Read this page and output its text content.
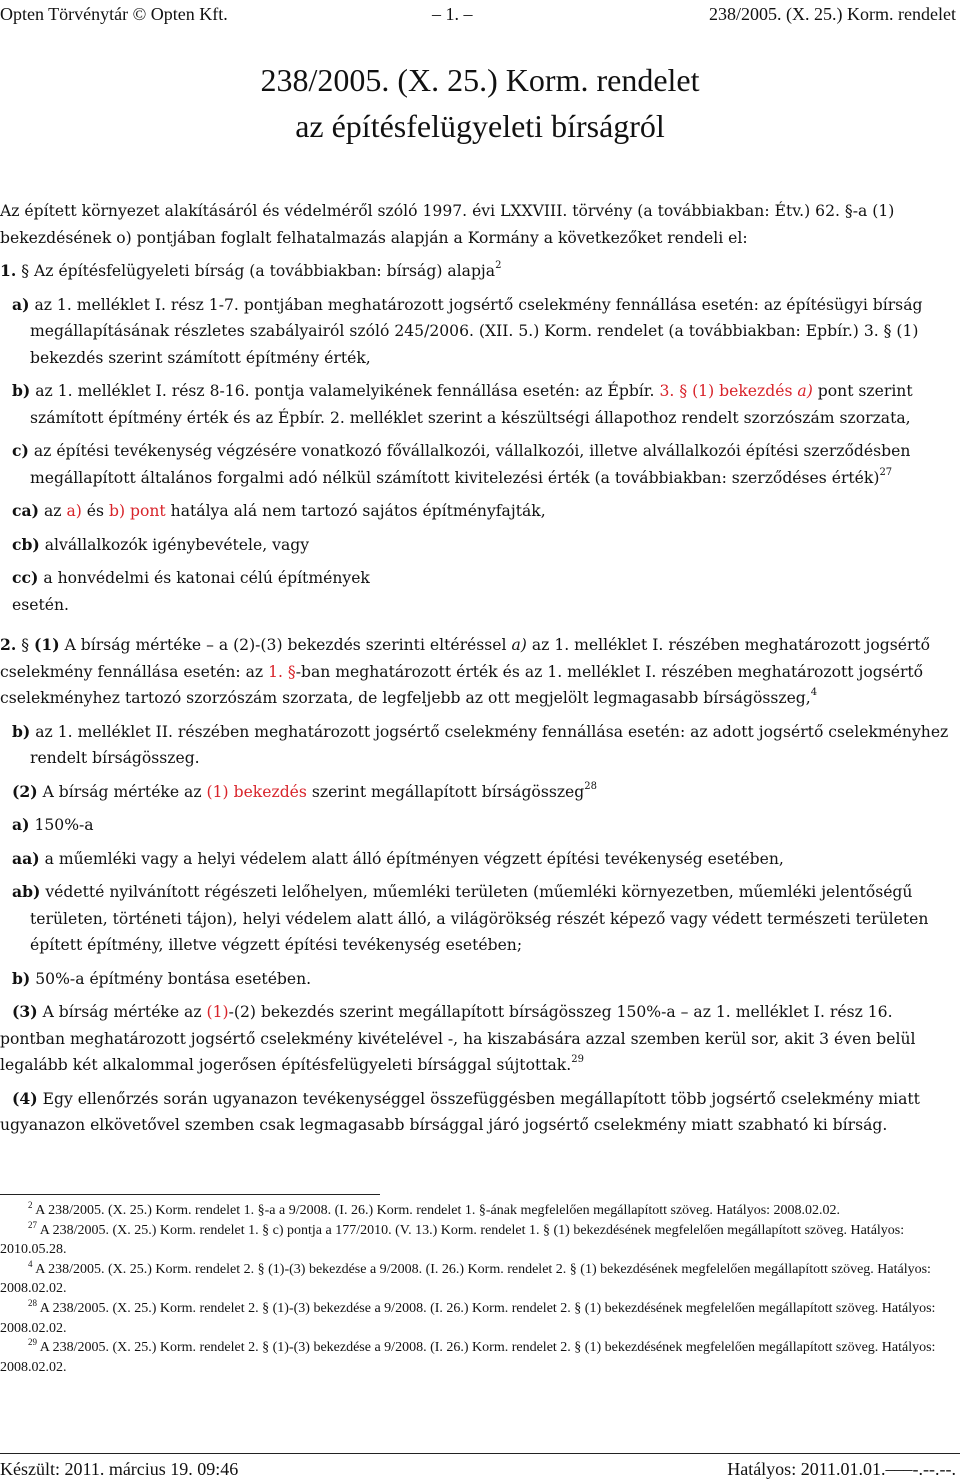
Opten Törvénytár © Opten Kft.	– 1. –	238/2005. (X. 25.) Korm. rendelet
238/2005. (X. 25.) Korm. rendelet
az építésfelügyeleti bírságról

Az épített környezet alakításáról és védelméről szóló 1997. évi LXXVIII. törvény (a továbbiakban: Étv.) 62. §-a (1) bekezdésének o) pontjában foglalt felhatalmazás alapján a Kormány a következőket rendeli el:

1. § Az építésfelügyeleti bírság (a továbbiakban: bírság) alapja$^2$

a) az 1. melléklet I. rész 1-7. pontjában meghatározott jogsértő cselekmény fennállása esetén: az építésügyi bírság megállapításának részletes szabályairól szóló 245/2006. (XII. 5.) Korm. rendelet (a továbbiakban: Epbír.) 3. § (1) bekezdés szerint számított építmény érték,

b) az 1. melléklet I. rész 8-16. pontja valamelyikének fennállása esetén: az Épbír. 3. § (1) bekezdés a) pont szerint számított építmény érték és az Épbír. 2. melléklet szerint a készültségi állapothoz rendelt szorzószám szorzata,

c) az építési tevékenység végzésére vonatkozó fővállalkozói, vállalkozói, illetve alvállalkozói építési szerződésben megállapított általános forgalmi adó nélkül számított kivitelezési érték (a továbbiakban: szerződéses érték)$^{27}$

ca) az a) és b) pont hatálya alá nem tartozó sajátos építményfajták,

cb) alvállalkozók igénybevétele, vagy

cc) a honvédelmi és katonai célú építmények

esetén.

2. § (1) A bírság mértéke – a (2)-(3) bekezdés szerinti eltéréssel a) az 1. melléklet I. részében meghatározott jogsértő cselekmény fennállása esetén: az 1. §-ban meghatározott érték és az 1. melléklet I. részében meghatározott jogsértő cselekményhez tartozó szorzószám szorzata, de legfeljebb az ott megjelölt legmagasabb bírságösszeg,$^4$

b) az 1. melléklet II. részében meghatározott jogsértő cselekmény fennállása esetén: az adott jogsértő cselekményhez rendelt bírságösszeg.

(2) A bírság mértéke az (1) bekezdés szerint megállapított bírságösszeg$^{28}$

a) 150%-a

aa) a műemléki vagy a helyi védelem alatt álló építményen végzett építési tevékenység esetében,

ab) védetté nyilvánított régészeti lelőhelyen, műemléki területen (műemléki környezetben, műemléki jelentőségű területen, történeti tájon), helyi védelem alatt álló, a világörökség részét képező vagy védett természeti területen épített építmény, illetve végzett építési tevékenység esetében;

b) 50%-a építmény bontása esetében.

(3) A bírság mértéke az (1)-(2) bekezdés szerint megállapított bírságösszeg 150%-a – az 1. melléklet I. rész 16. pontban meghatározott jogsértő cselekmény kivételével -, ha kiszabására azzal szemben kerül sor, akit 3 éven belül legalább két alkalommal jogerősen építésfelügyeleti bírsággal sújtottak.$^{29}$

(4) Egy ellenőrzés során ugyanazon tevékenységgel összefüggésben megállapított több jogsértő cselekmény miatt ugyanazon elkövetővel szemben csak legmagasabb bírsággal járó jogsértő cselekmény miatt szabható ki bírság.

$^2$ A 238/2005. (X. 25.) Korm. rendelet 1. §-a a 9/2008. (I. 26.) Korm. rendelet 1. §-ának megfelelően megállapított szöveg. Hatályos: 2008.02.02.

$^{27}$ A 238/2005. (X. 25.) Korm. rendelet 1. § c) pontja a 177/2010. (V. 13.) Korm. rendelet 1. § (1) bekezdésének megfelelően megállapított szöveg. Hatályos: 2010.05.28.

$^4$ A 238/2005. (X. 25.) Korm. rendelet 2. § (1)-(3) bekezdése a 9/2008. (I. 26.) Korm. rendelet 2. § (1) bekezdésének megfelelően megállapított szöveg. Hatályos: 2008.02.02.

$^{28}$ A 238/2005. (X. 25.) Korm. rendelet 2. § (1)-(3) bekezdése a 9/2008. (I. 26.) Korm. rendelet 2. § (1) bekezdésének megfelelően megállapított szöveg. Hatályos: 2008.02.02.

$^{29}$ A 238/2005. (X. 25.) Korm. rendelet 2. § (1)-(3) bekezdése a 9/2008. (I. 26.) Korm. rendelet 2. § (1) bekezdésének megfelelően megállapított szöveg. Hatályos: 2008.02.02.

Készült: 2011. március 19. 09:46	Hatályos: 2011.01.01.–––-.--.--.
